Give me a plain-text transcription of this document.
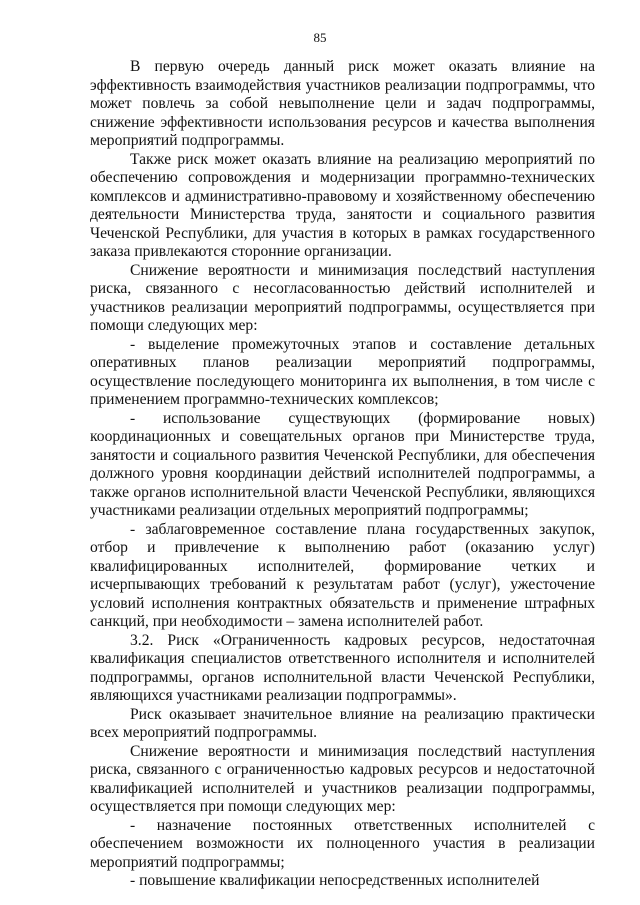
85

В первую очередь данный риск может оказать влияние на эффективность взаимодействия участников реализации подпрограммы, что может повлечь за собой невыполнение цели и задач подпрограммы, снижение эффективности использования ресурсов и качества выполнения мероприятий подпрограммы.

Также риск может оказать влияние на реализацию мероприятий по обеспечению сопровождения и модернизации программно-технических комплексов и административно-правовому и хозяйственному обеспечению деятельности Министерства труда, занятости и социального развития Чеченской Республики, для участия в которых в рамках государственного заказа привлекаются сторонние организации.

Снижение вероятности и минимизация последствий наступления риска, связанного с несогласованностью действий исполнителей и участников реализации мероприятий подпрограммы, осуществляется при помощи следующих мер:

- выделение промежуточных этапов и составление детальных оперативных планов реализации мероприятий подпрограммы, осуществление последующего мониторинга их выполнения, в том числе с применением программно-технических комплексов;

- использование существующих (формирование новых) координационных и совещательных органов при Министерстве труда, занятости и социального развития Чеченской Республики, для обеспечения должного уровня координации действий исполнителей подпрограммы, а также органов исполнительной власти Чеченской Республики, являющихся участниками реализации отдельных мероприятий подпрограммы;

- заблаговременное составление плана государственных закупок, отбор и привлечение к выполнению работ (оказанию услуг) квалифицированных исполнителей, формирование четких и исчерпывающих требований к результатам работ (услуг), ужесточение условий исполнения контрактных обязательств и применение штрафных санкций, при необходимости – замена исполнителей работ.

3.2. Риск «Ограниченность кадровых ресурсов, недостаточная квалификация специалистов ответственного исполнителя и исполнителей подпрограммы, органов исполнительной власти Чеченской Республики, являющихся участниками реализации подпрограммы».

Риск оказывает значительное влияние на реализацию практически всех мероприятий подпрограммы.

Снижение вероятности и минимизация последствий наступления риска, связанного с ограниченностью кадровых ресурсов и недостаточной квалификацией исполнителей и участников реализации подпрограммы, осуществляется при помощи следующих мер:

- назначение постоянных ответственных исполнителей с обеспечением возможности их полноценного участия в реализации мероприятий подпрограммы;

- повышение квалификации непосредственных исполнителей
